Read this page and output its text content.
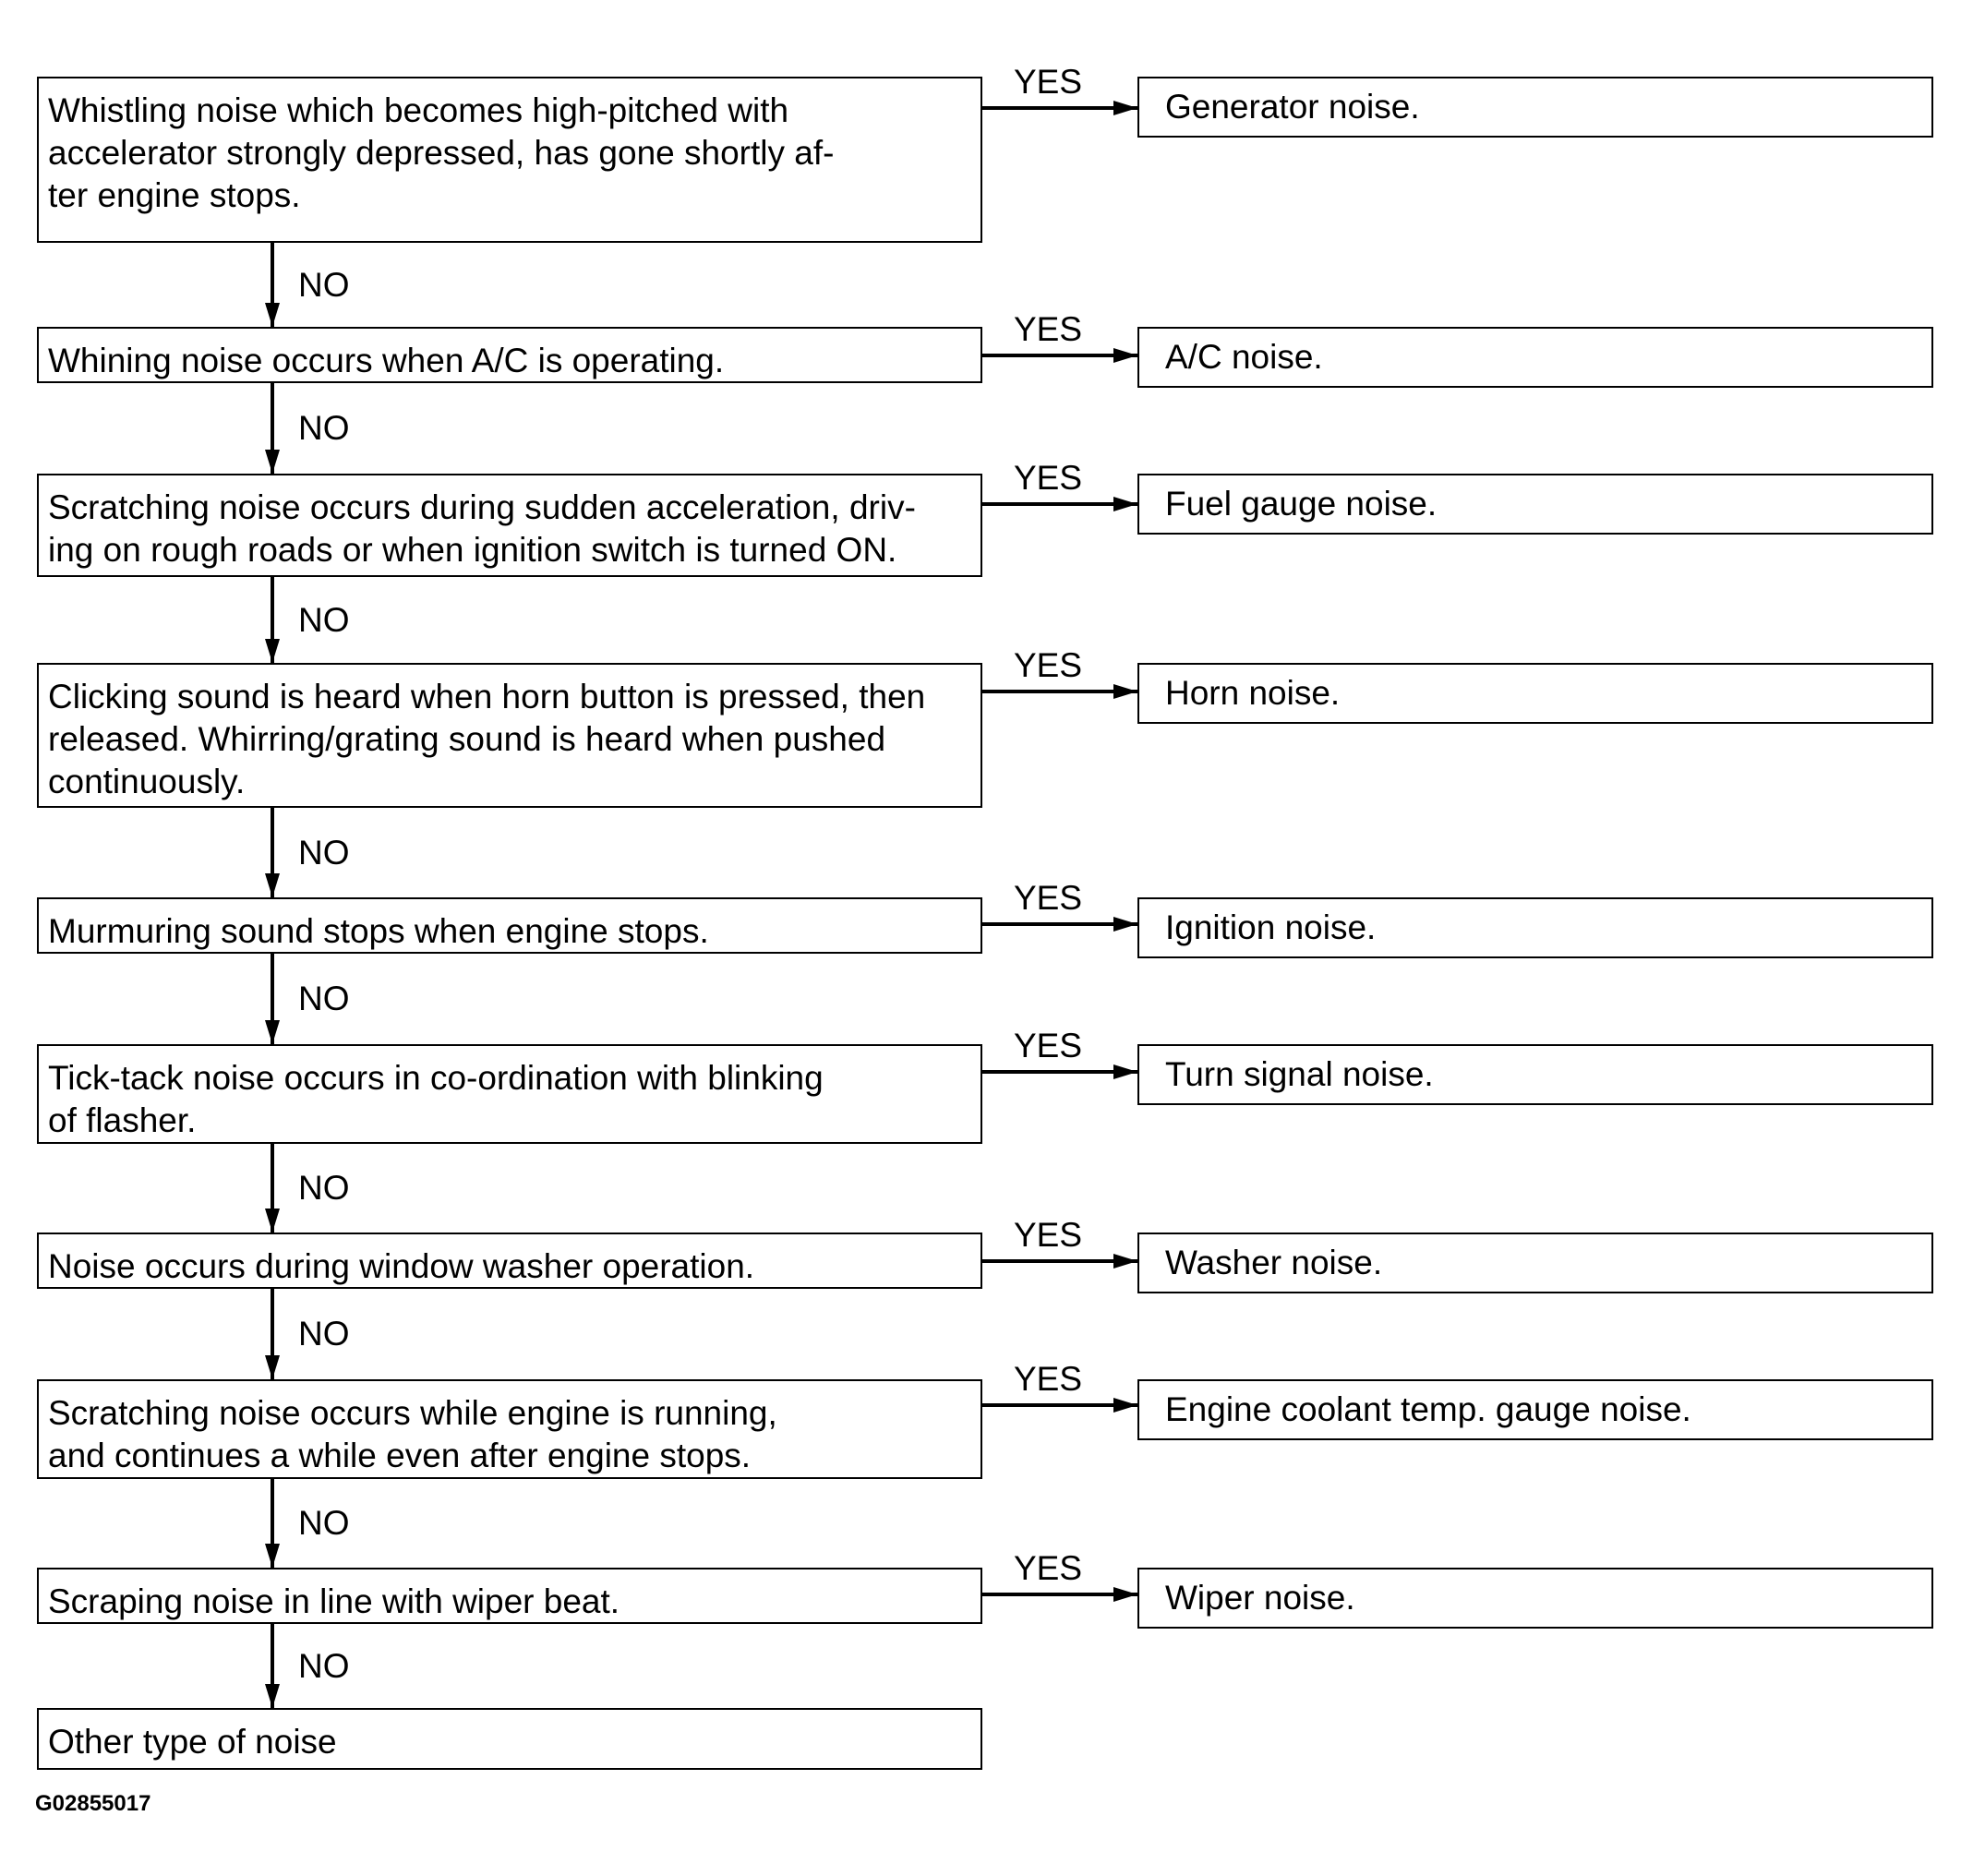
Whistling noise which becomes high-pitched with
accelerator strongly depressed, has gone shortly af-
ter engine stops.
Generator noise.
YES
NO
Whining noise occurs when A/C is operating.	A/C noise.
YES
NO
Scratching noise occurs during sudden acceleration, driv-
ing on rough roads or when ignition switch is turned ON.
Fuel gauge noise.
YES
NO
Clicking sound is heard when horn button is pressed, then
released. Whirring/grating sound is heard when pushed
continuously.
Horn noise.
YES
NO
Murmuring sound stops when engine stops.	Ignition noise.
YES
NO
Tick-tack noise occurs in co-ordination with blinking
of flasher.
Turn signal noise.
YES
NO
Noise occurs during window washer operation.	Washer noise.
YES
NO
Scratching noise occurs while engine is running,
and continues a while even after engine stops.
Engine coolant temp. gauge noise.
YES
NO
Scraping noise in line with wiper beat.	Wiper noise.
YES
NO
Other type of noise
G02855017
